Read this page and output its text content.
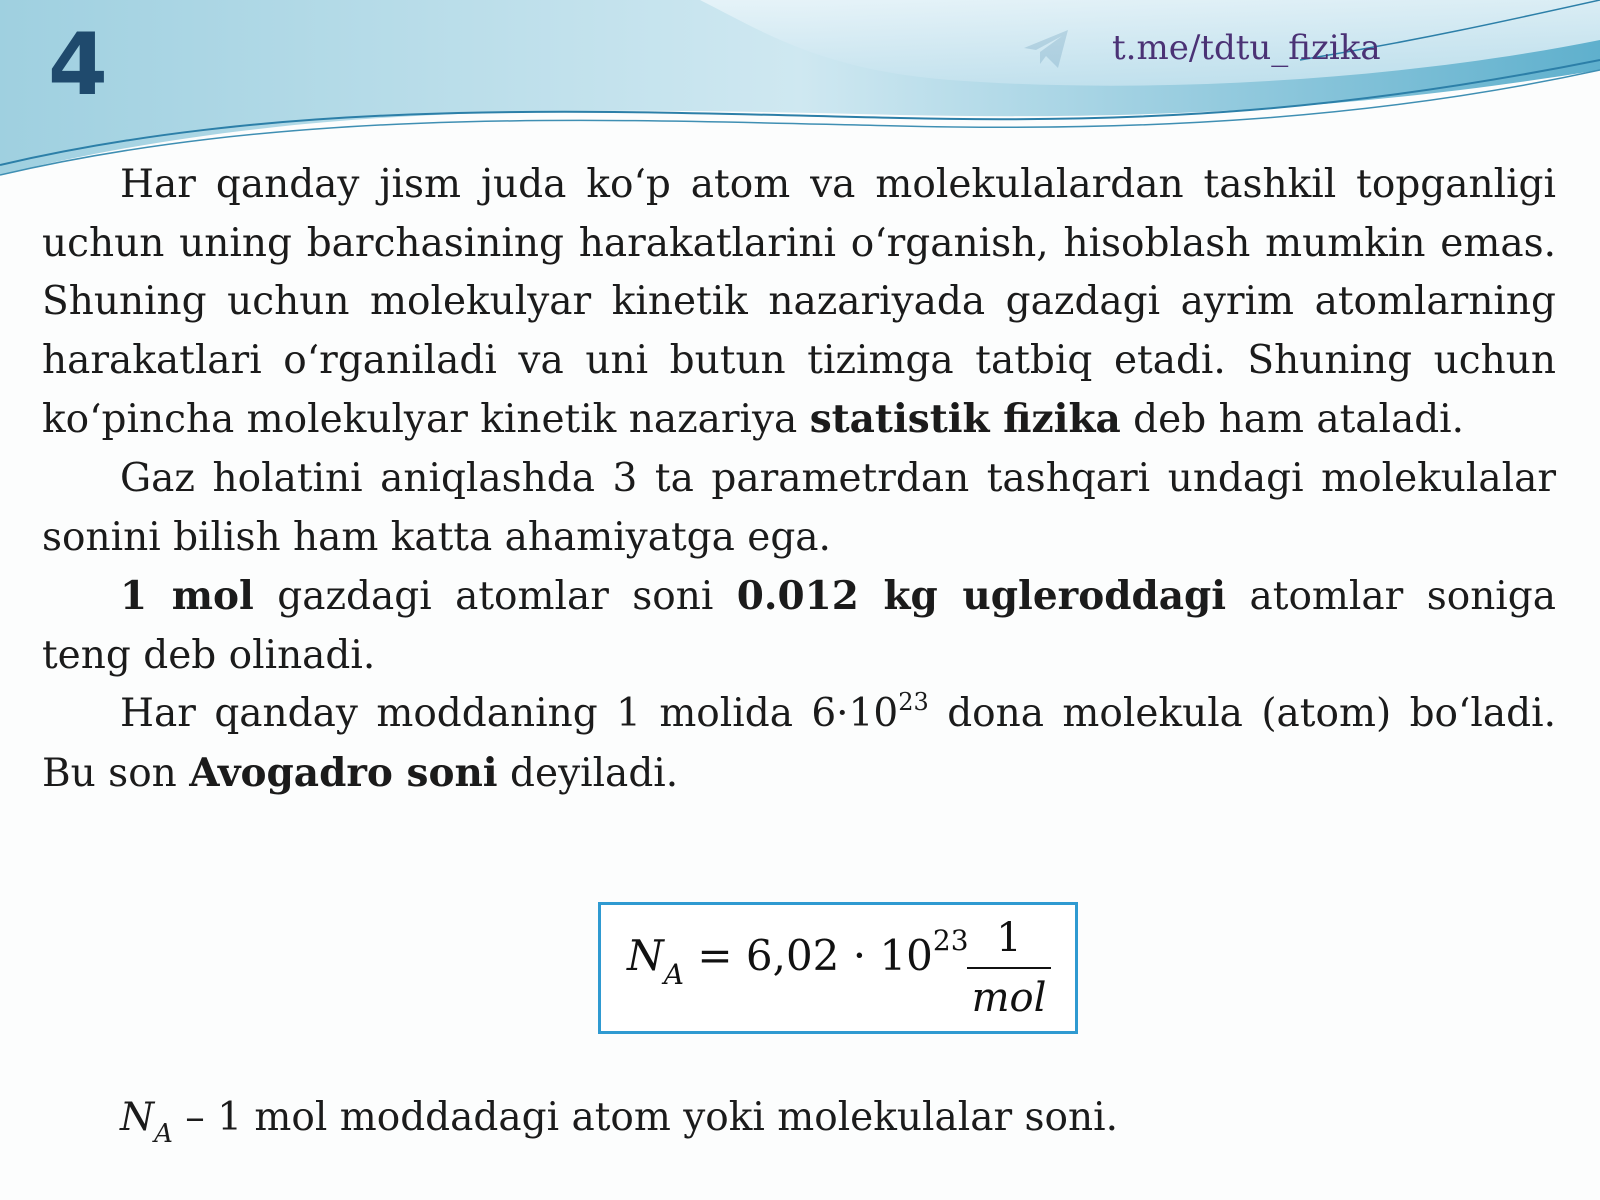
4	t.me/tdtu_fizika

Har qanday jism juda koʻp atom va molekulalardan tashkil topganligi uchun uning barchasining harakatlarini oʻrganish, hisoblash mumkin emas. Shuning uchun molekulyar kinetik nazariyada gazdagi ayrim atomlarning harakatlari oʻrganiladi va uni butun tizimga tatbiq etadi. Shuning uchun koʻpincha molekulyar kinetik nazariya statistik fizika deb ham ataladi.

Gaz holatini aniqlashda 3 ta parametrdan tashqari undagi molekulalar sonini bilish ham katta ahamiyatga ega.

1 mol gazdagi atomlar soni 0.012 kg ugleroddagi atomlar soniga teng deb olinadi.

Har qanday moddaning 1 molida $6\cdot 10^{23}$ dona molekula (atom) boʻladi. Bu son Avogadro soni deyiladi.

$N_A = 6,02 \cdot 10^{23}$ 1
mol
$N_A - 1$ mol moddadagi atom yoki molekulalar soni.
